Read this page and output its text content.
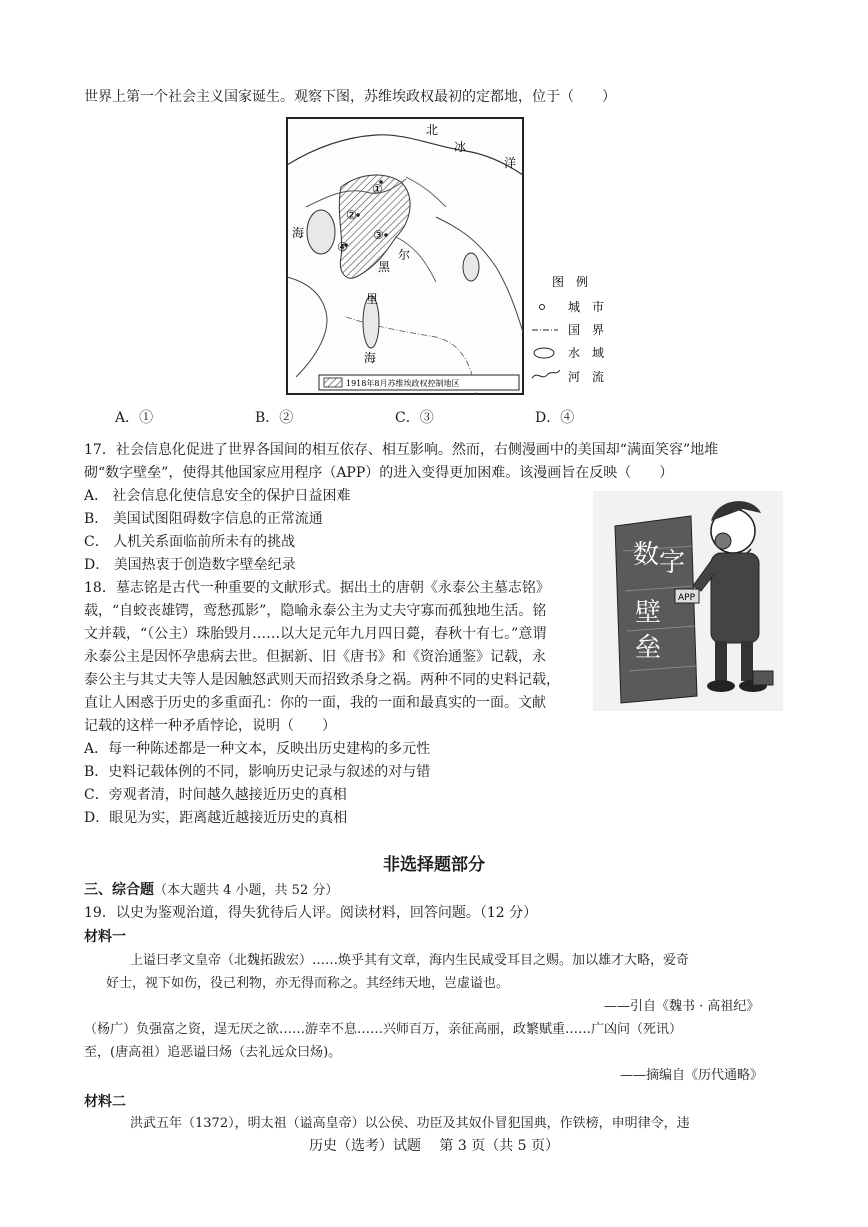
世界上第一个社会主义国家诞生。观察下图，苏维埃政权最初的定都地，位于（　　）
北
冰
洋
黑
里
海
海
尔
①
②
③
④
1918年8月苏维埃政权控制地区
图　例
城　市
国　界
水　域
河　流
A．①	B．②	C．③	D．④
17．社会信息化促进了世界各国间的相互依存、相互影响。然而，右侧漫画中的美国却“满面笑容”地堆
砌“数字壁垒”，使得其他国家应用程序（APP）的进入变得更加困难。该漫画旨在反映（　　）
A． 社会信息化使信息安全的保护日益困难
B． 美国试图阻碍数字信息的正常流通
C． 人机关系面临前所未有的挑战
D． 美国热衷于创造数字壁垒纪录	数 字
壁
垒
APP
18．墓志铭是古代一种重要的文献形式。据出土的唐朝《永泰公主墓志铭》
载，“自蛟丧雄锷，鸾愁孤影”，隐喻永泰公主为丈夫守寡而孤独地生活。铭
文并载，“（公主）珠胎毁月……以大足元年九月四日薨，春秋十有七。”意谓
永泰公主是因怀孕患病去世。但据新、旧《唐书》和《资治通鉴》记载，永
泰公主与其丈夫等人是因触怒武则天而招致杀身之祸。两种不同的史料记载，
直让人困惑于历史的多重面孔：你的一面，我的一面和最真实的一面。文献
记载的这样一种矛盾悖论，说明（　　）
A．每一种陈述都是一种文本，反映出历史建构的多元性
B．史料记载体例的不同，影响历史记录与叙述的对与错
C．旁观者清，时间越久越接近历史的真相
D．眼见为实，距离越近越接近历史的真相
非选择题部分
三、综合题（本大题共 4 小题，共 52 分）
19．以史为鉴观治道，得失犹待后人评。阅读材料，回答问题。（12 分）
材料一
上谥曰孝文皇帝（北魏拓跋宏）……焕乎其有文章，海内生民咸受耳目之赐。加以雄才大略，爱奇
好士，视下如伤，役己利物，亦无得而称之。其经纬天地，岂虚谥也。
——引自《魏书 · 高祖纪》
（杨广）负强富之资，逞无厌之欲……游幸不息……兴师百万，亲征高丽，政繁赋重……广凶问（死讯）
至，(唐高祖）追恶谥曰炀（去礼远众曰炀)。
——摘编自《历代通略》
材料二
洪武五年（1372），明太祖（谥高皇帝）以公侯、功臣及其奴仆冒犯国典，作铁榜，申明律令，违
历史（选考）试题　 第 3 页（共 5 页）
